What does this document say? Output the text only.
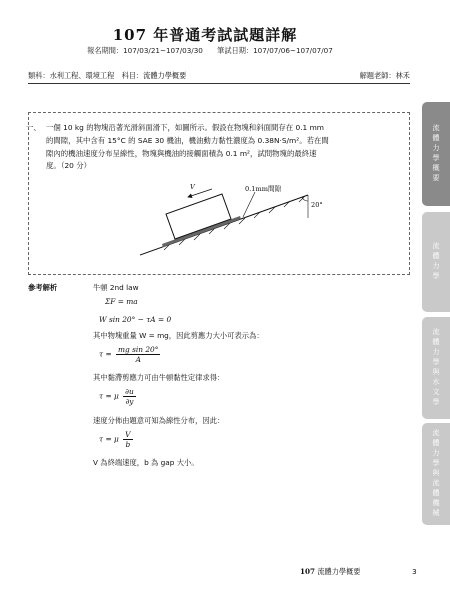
107 年普通考試試題詳解
報名期間：107/03/21~107/03/30 筆試日期：107/07/06~107/07/07
類科：水利工程、環境工程 科目：流體力學概要	解題老師：林禾
一、 一個 10 kg 的物塊沿著光滑斜面滑下，如圖所示。假設在物塊和斜面間存在 0.1 mm
的間隙，其中含有 15°C 的 SAE 30 機油，機油動力黏性濃度為 0.38N‧S/m²。若在間
隙內的機油速度分布呈線性，物塊與機油的接觸面積為 0.1 m²，試問物塊的最終速
度。（20 分）
V	0.1mm間隙
20°
參考解析	牛頓 2nd law
ΣF = ma
W sin 20° − τA = 0
其中物塊重量 W = mg，因此剪應力大小可表示為：
$\tau = \frac{\text{mg sin 20°}}{A}$
其中黏滯剪應力可由牛頓黏性定律求得：
τ = μ $\frac{\partial u}{\partial y}$
速度分佈由題意可知為線性分布，因此：
τ = μ $\frac{V}{b}$
V 為終端速度，b 為 gap 大小。
107 流體力學概要	3
流體力學概要
流體力學
流體力學與水文學
流體力學與流體機械
